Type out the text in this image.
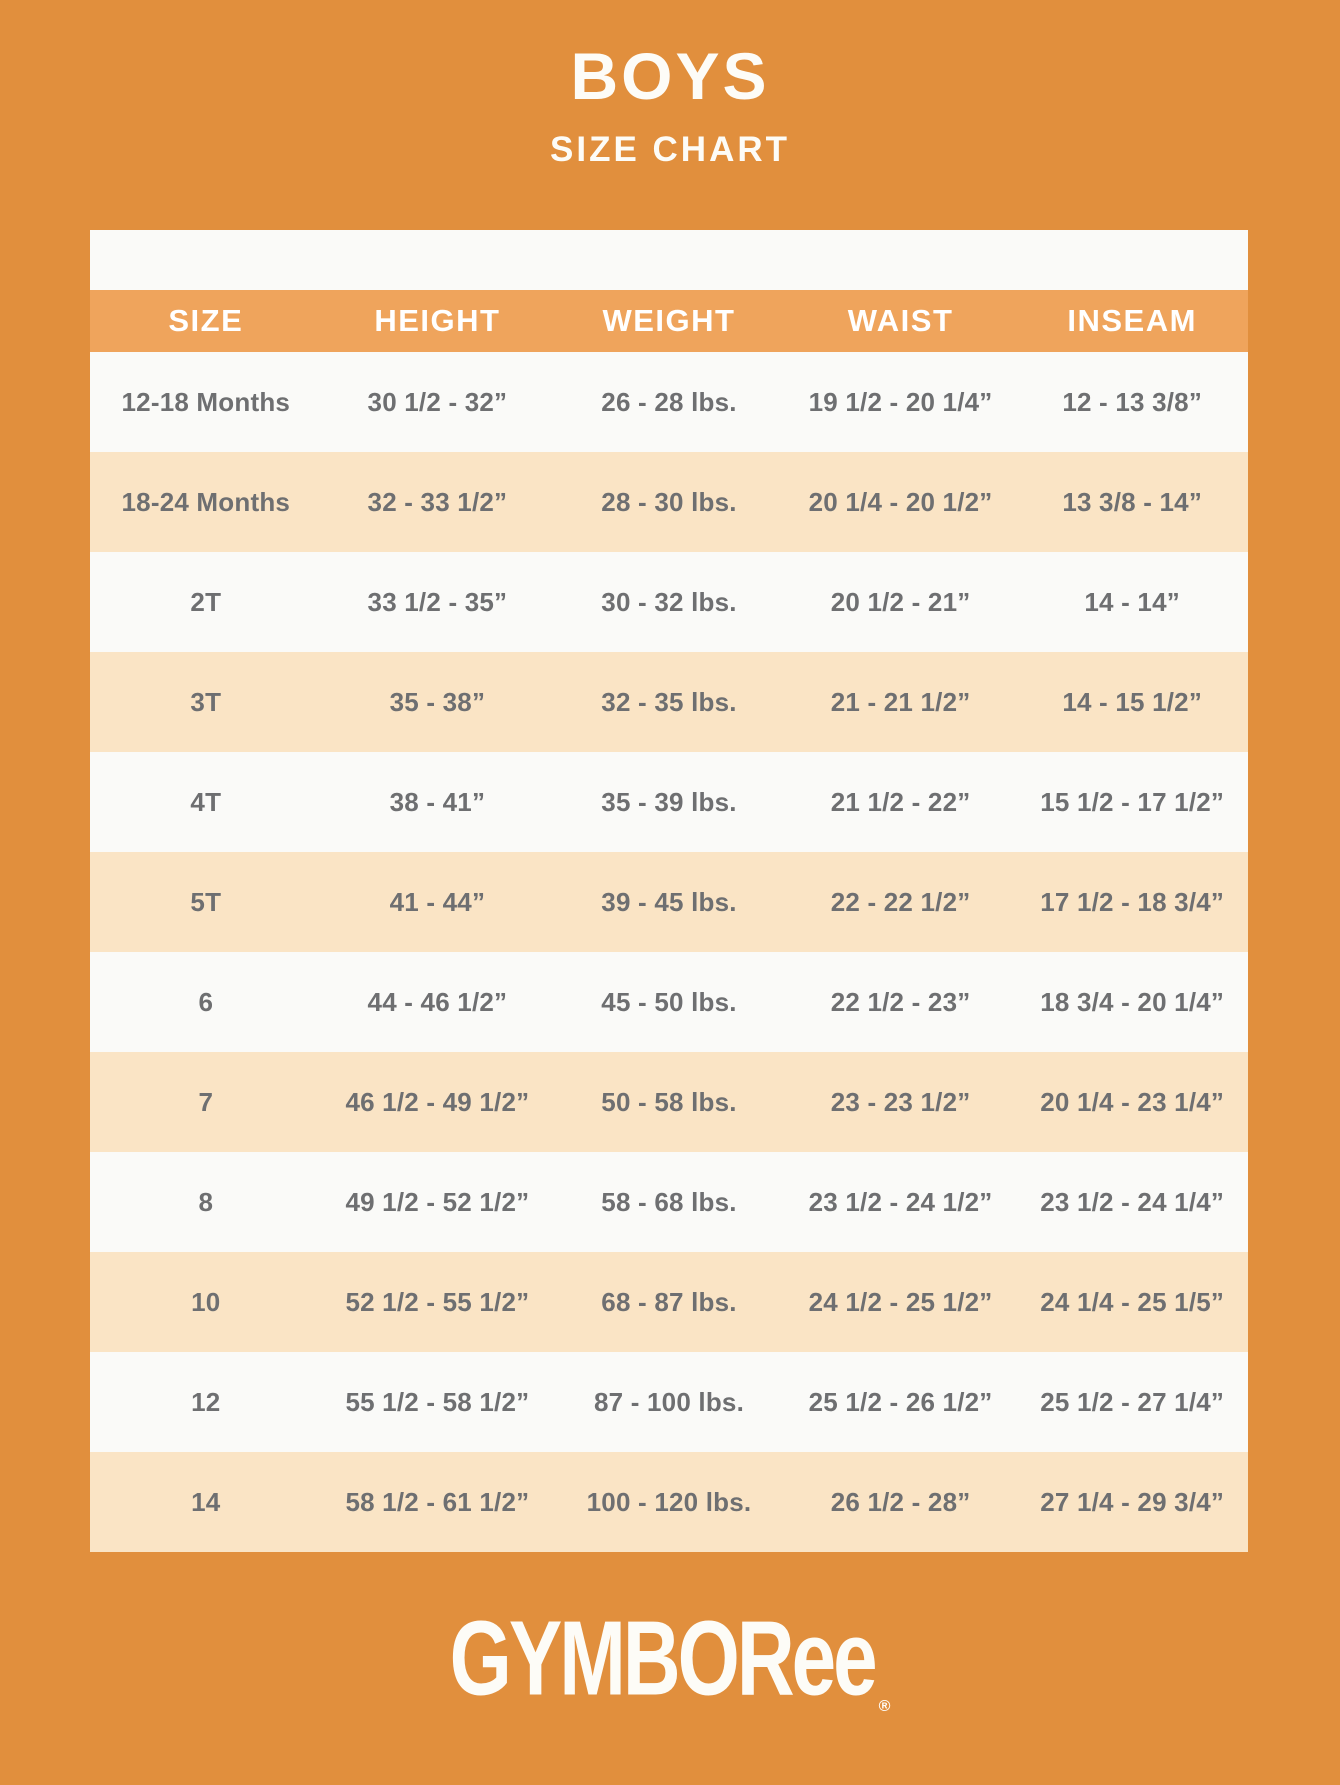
BOYS
SIZE CHART
SIZE	HEIGHT	WEIGHT	WAIST	INSEAM
12-18 Months	30 1/2 - 32”	26 - 28 lbs.	19 1/2 - 20 1/4”	12 - 13 3/8”
18-24 Months	32 - 33 1/2”	28 - 30 lbs.	20 1/4 - 20 1/2”	13 3/8 - 14”
2T	33 1/2 - 35”	30 - 32 lbs.	20 1/2 - 21”	14 - 14”
3T	35 - 38”	32 - 35 lbs.	21 - 21 1/2”	14 - 15 1/2”
4T	38 - 41”	35 - 39 lbs.	21 1/2 - 22”	15 1/2 - 17 1/2”
5T	41 - 44”	39 - 45 lbs.	22 - 22 1/2”	17 1/2 - 18 3/4”
6	44 - 46 1/2”	45 - 50 lbs.	22 1/2 - 23”	18 3/4 - 20 1/4”
7	46 1/2 - 49 1/2”	50 - 58 lbs.	23 - 23 1/2”	20 1/4 - 23 1/4”
8	49 1/2 - 52 1/2”	58 - 68 lbs.	23 1/2 - 24 1/2”	23 1/2 - 24 1/4”
10	52 1/2 - 55 1/2”	68 - 87 lbs.	24 1/2 - 25 1/2”	24 1/4 - 25 1/5”
12	55 1/2 - 58 1/2”	87 - 100 lbs.	25 1/2 - 26 1/2”	25 1/2 - 27 1/4”
14	58 1/2 - 61 1/2”	100 - 120 lbs.	26 1/2 - 28”	27 1/4 - 29 3/4”
GYMBORee ®
